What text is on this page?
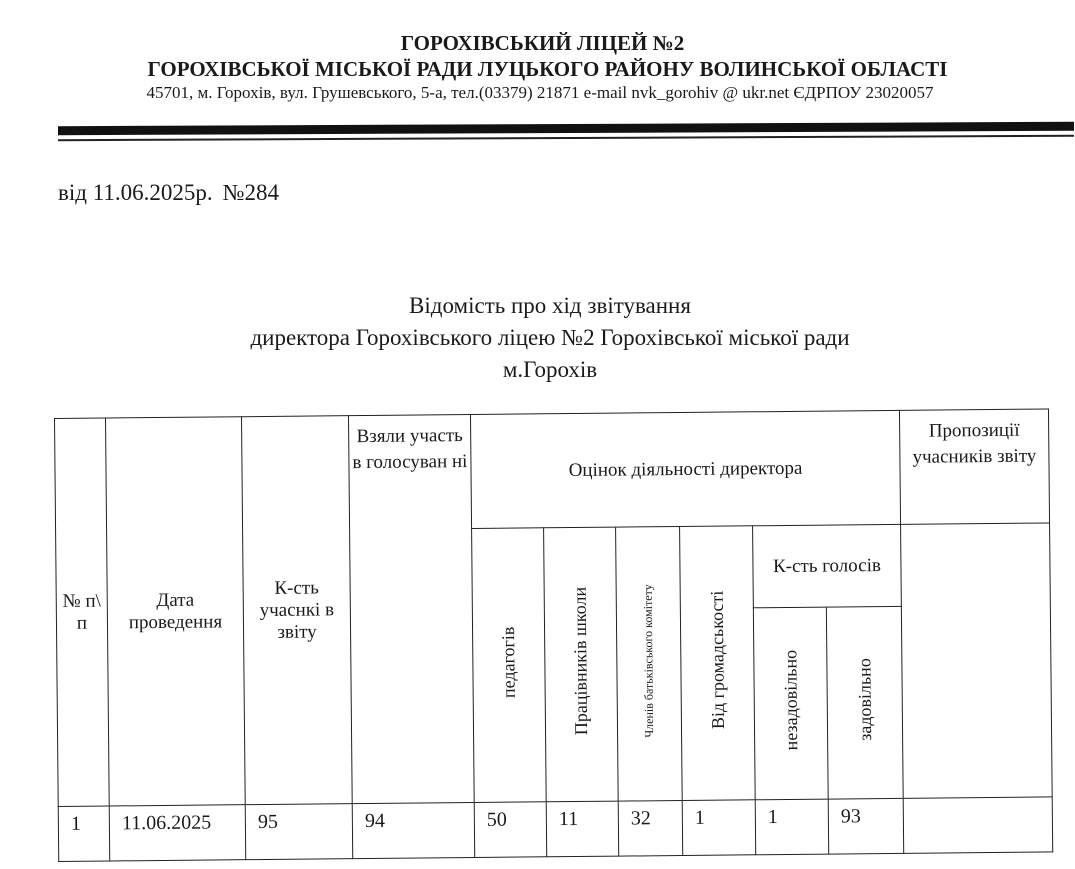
ГОРОХІВСЬКИЙ ЛІЦЕЙ №2
ГОРОХІВСЬКОЇ МІСЬКОЇ РАДИ ЛУЦЬКОГО РАЙОНУ ВОЛИНСЬКОЇ ОБЛАСТІ
45701, м. Горохів, вул. Грушевського, 5-а, тел.(03379) 21871 e-mail nvk_gorohiv @ ukr.net ЄДРПОУ 23020057
від 11.06.2025р. №284
Відомість про хід звітування
директора Горохівського ліцею №2 Горохівської міської ради
м.Горохів
№ п\ п	Дата проведення	К-сть учаснкі в звіту	Взяли участь в голосуван ні	Оцінок діяльності директора						Пропозиції учасників звіту
				педагогів	Працівників школи	Членів батьківського комітету	Від громадськості	К-сть голосів		
								незадовільно	задовільно	
1	11.06.2025	95	94	50	11	32	1	1	93	
